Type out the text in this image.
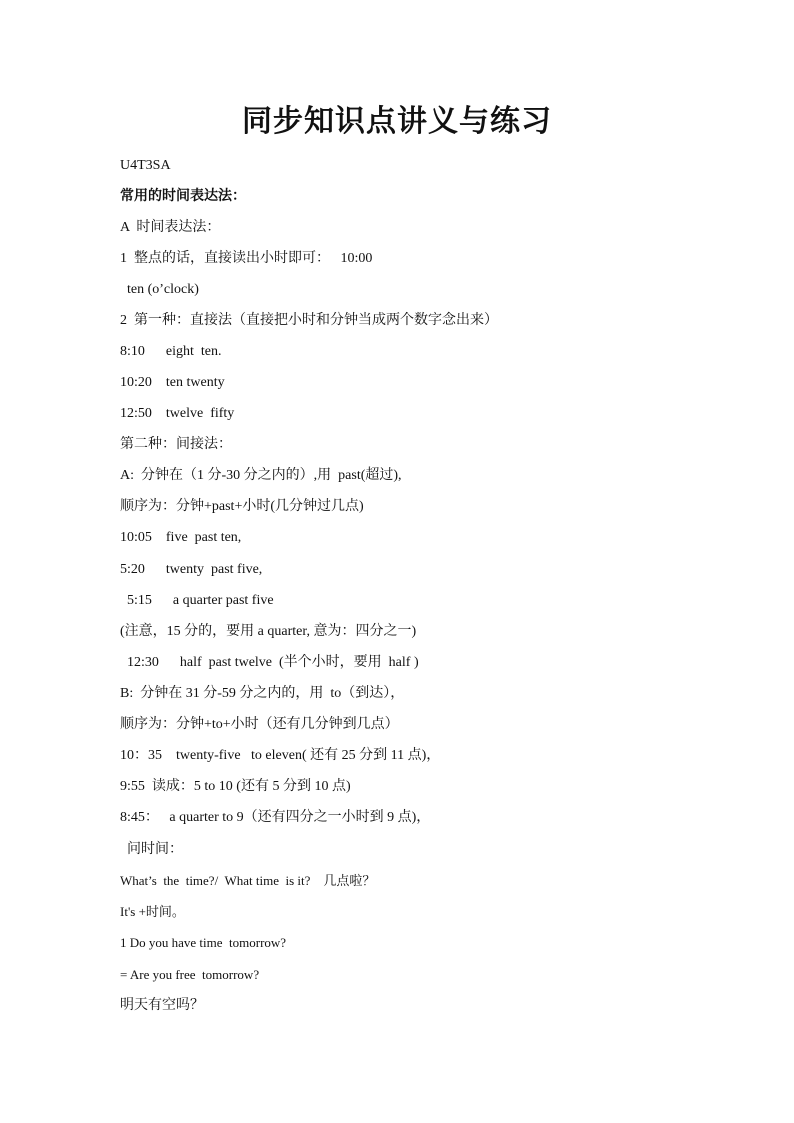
同步知识点讲义与练习

U4T3SA

常用的时间表达法：

A  时间表达法：

1  整点的话，直接读出小时即可：   10:00

ten (o’clock)

2  第一种：直接法（直接把小时和分钟当成两个数字念出来）

8:10      eight  ten.

10:20    ten twenty

12:50    twelve  fifty

第二种：间接法：

A:  分钟在（1 分-30 分之内的）,用  past(超过),

顺序为：分钟+past+小时(几分钟过几点)

10:05    five  past ten,

5:20      twenty  past five,

5:15      a quarter past five

(注意，15 分的，要用 a quarter, 意为：四分之一)

12:30      half  past twelve  (半个小时，要用  half )

B:  分钟在 31 分-59 分之内的，用  to（到达），

顺序为：分钟+to+小时（还有几分钟到几点）

10：35    twenty-five   to eleven( 还有 25 分到 11 点)，

9:55  读成：5 to 10 (还有 5 分到 10 点)

8:45：   a quarter to 9（还有四分之一小时到 9 点)，

问时间：

What’s  the  time?/  What time  is it?    几点啦？

It's +时间。

1 Do you have time  tomorrow?

= Are you free  tomorrow?

明天有空吗？
